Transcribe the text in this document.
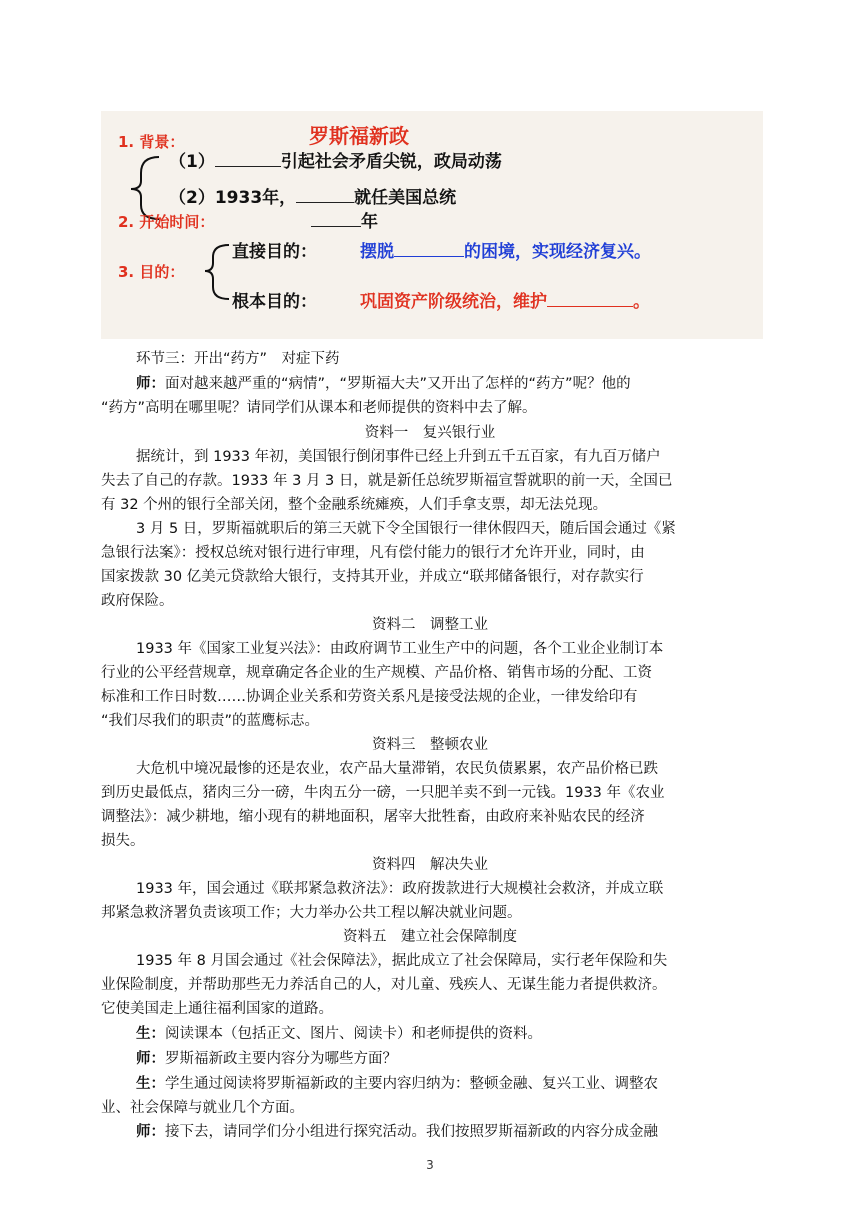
罗斯福新政
1. 背景：
（1）	引起社会矛盾尖锐，政局动荡
（2）1933年，	就任美国总统
2. 开始时间：	年
3. 目的：
直接目的：	摆脱	的困境，实现经济复兴。
根本目的：	巩固资产阶级统治，维护	。
环节三：开出“药方”　对症下药
师：面对越来越严重的“病情”，“罗斯福大夫”又开出了怎样的“药方”呢？他的
“药方”高明在哪里呢？请同学们从课本和老师提供的资料中去了解。
资料一　复兴银行业
据统计，到 1933 年初，美国银行倒闭事件已经上升到五千五百家，有九百万储户
失去了自己的存款。1933 年 3 月 3 日，就是新任总统罗斯福宣誓就职的前一天，全国已
有 32 个州的银行全部关闭，整个金融系统瘫痪，人们手拿支票，却无法兑现。
3 月 5 日，罗斯福就职后的第三天就下令全国银行一律休假四天，随后国会通过《紧
急银行法案》：授权总统对银行进行审理，凡有偿付能力的银行才允许开业，同时，由
国家拨款 30 亿美元贷款给大银行，支持其开业，并成立“联邦储备银行，对存款实行
政府保险。
资料二　调整工业
1933 年《国家工业复兴法》：由政府调节工业生产中的问题，各个工业企业制订本
行业的公平经营规章，规章确定各企业的生产规模、产品价格、销售市场的分配、工资
标准和工作日时数……协调企业关系和劳资关系凡是接受法规的企业，一律发给印有
“我们尽我们的职责”的蓝鹰标志。
资料三　整顿农业
大危机中境况最惨的还是农业，农产品大量滞销，农民负债累累，农产品价格已跌
到历史最低点，猪肉三分一磅，牛肉五分一磅，一只肥羊卖不到一元钱。1933 年《农业
调整法》：减少耕地，缩小现有的耕地面积，屠宰大批牲畜，由政府来补贴农民的经济
损失。
资料四　解决失业
1933 年，国会通过《联邦紧急救济法》：政府拨款进行大规模社会救济，并成立联
邦紧急救济署负责该项工作；大力举办公共工程以解决就业问题。
资料五　建立社会保障制度
1935 年 8 月国会通过《社会保障法》，据此成立了社会保障局，实行老年保险和失
业保险制度，并帮助那些无力养活自己的人，对儿童、残疾人、无谋生能力者提供救济。
它使美国走上通往福利国家的道路。
生：阅读课本（包括正文、图片、阅读卡）和老师提供的资料。
师：罗斯福新政主要内容分为哪些方面？
生：学生通过阅读将罗斯福新政的主要内容归纳为：整顿金融、复兴工业、调整农
业、社会保障与就业几个方面。
师：接下去，请同学们分小组进行探究活动。我们按照罗斯福新政的内容分成金融
3
